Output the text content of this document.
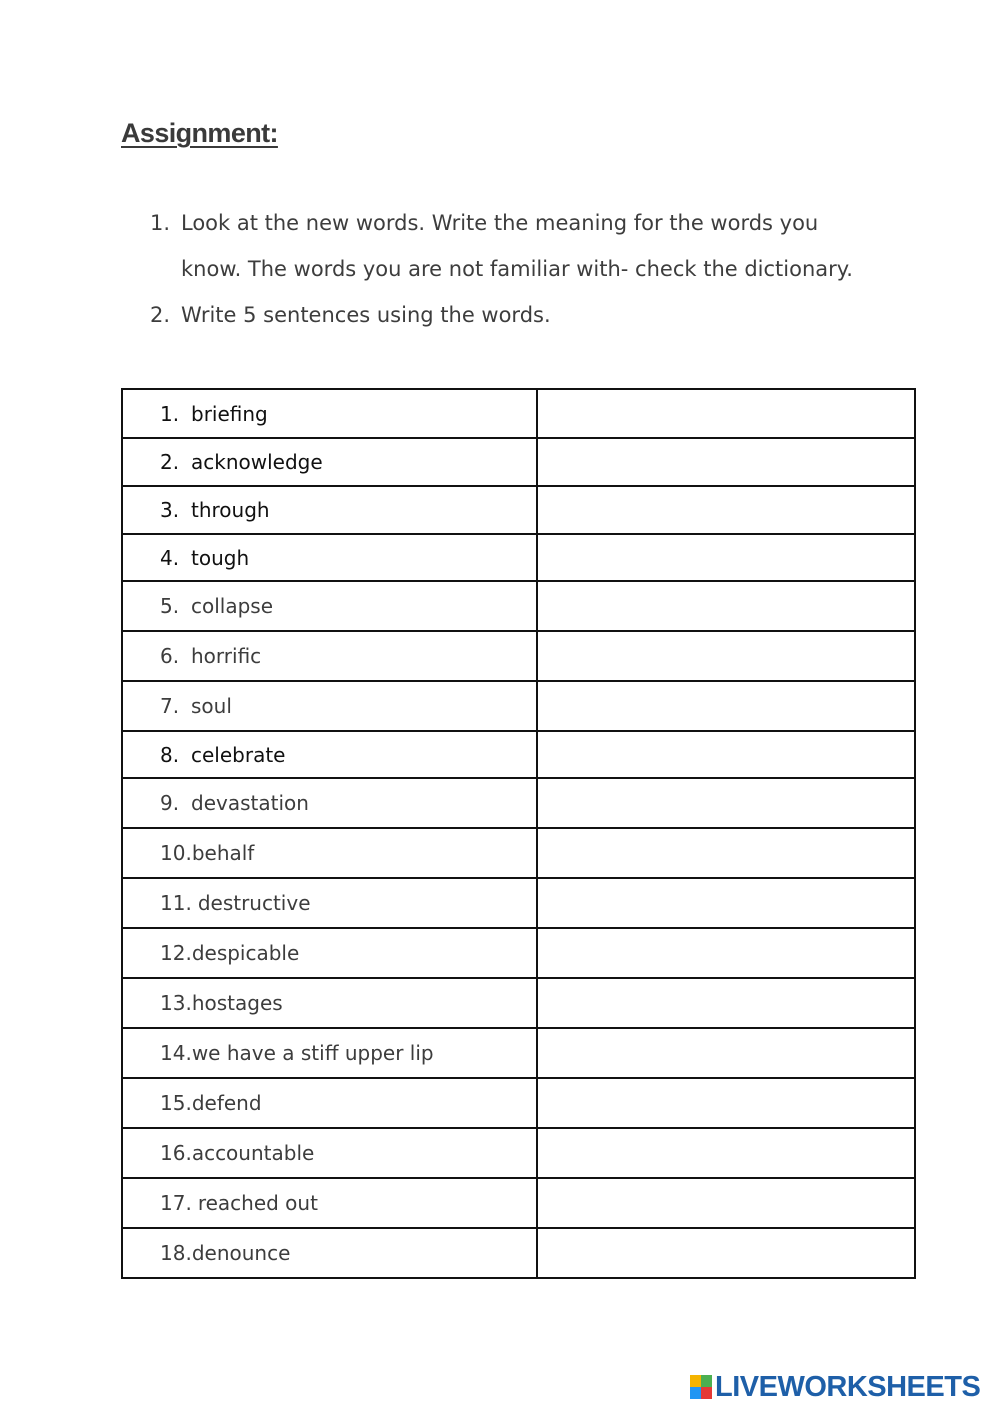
Assignment:
1. Look at the new words. Write the meaning for the words you know. The words you are not familiar with- check the dictionary.
2. Write 5 sentences using the words.
1. briefing	
2. acknowledge	
3. through	
4. tough	
5. collapse	
6. horrific	
7. soul	
8. celebrate	
9. devastation	
10.behalf	
11. destructive	
12.despicable	
13.hostages	
14.we have a stiff upper lip	
15.defend	
16.accountable	
17. reached out	
18.denounce	
LIVEWORKSHEETS
